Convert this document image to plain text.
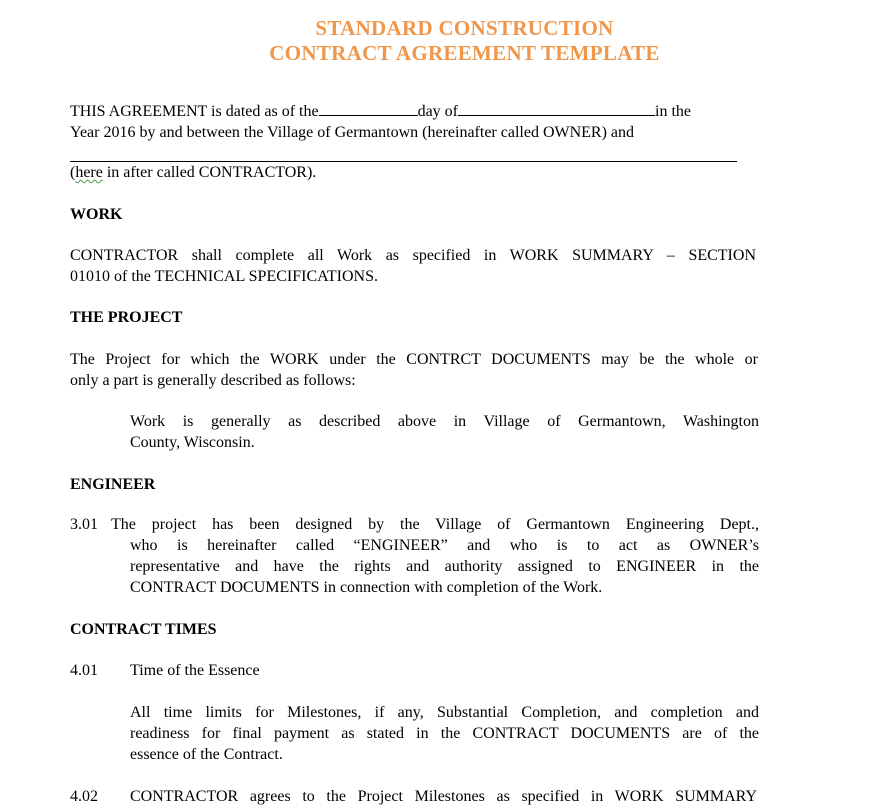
STANDARD CONSTRUCTION
CONTRACT AGREEMENT TEMPLATE
THIS AGREEMENT is dated as of the	day of	in the
Year 2016 by and between the Village of Germantown (hereinafter called OWNER) and
(here in after called CONTRACTOR).
WORK
CONTRACTOR shall complete all Work as specified in WORK SUMMARY – SECTION
01010 of the TECHNICAL SPECIFICATIONS.
THE PROJECT
The Project for which the WORK under the CONTRCT DOCUMENTS may be the whole or
only a part is generally described as follows:
Work is generally as described above in Village of Germantown, Washington
County, Wisconsin.
ENGINEER
3.01 The project has been designed by the Village of Germantown Engineering Dept.,
who is hereinafter called “ENGINEER” and who is to act as OWNER’s
representative and have the rights and authority assigned to ENGINEER in the
CONTRACT DOCUMENTS in connection with completion of the Work.
CONTRACT TIMES
4.01 Time of the Essence
All time limits for Milestones, if any, Substantial Completion, and completion and
readiness for final payment as stated in the CONTRACT DOCUMENTS are of the
essence of the Contract.
4.02 CONTRACTOR agrees to the Project Milestones as specified in WORK SUMMARY
